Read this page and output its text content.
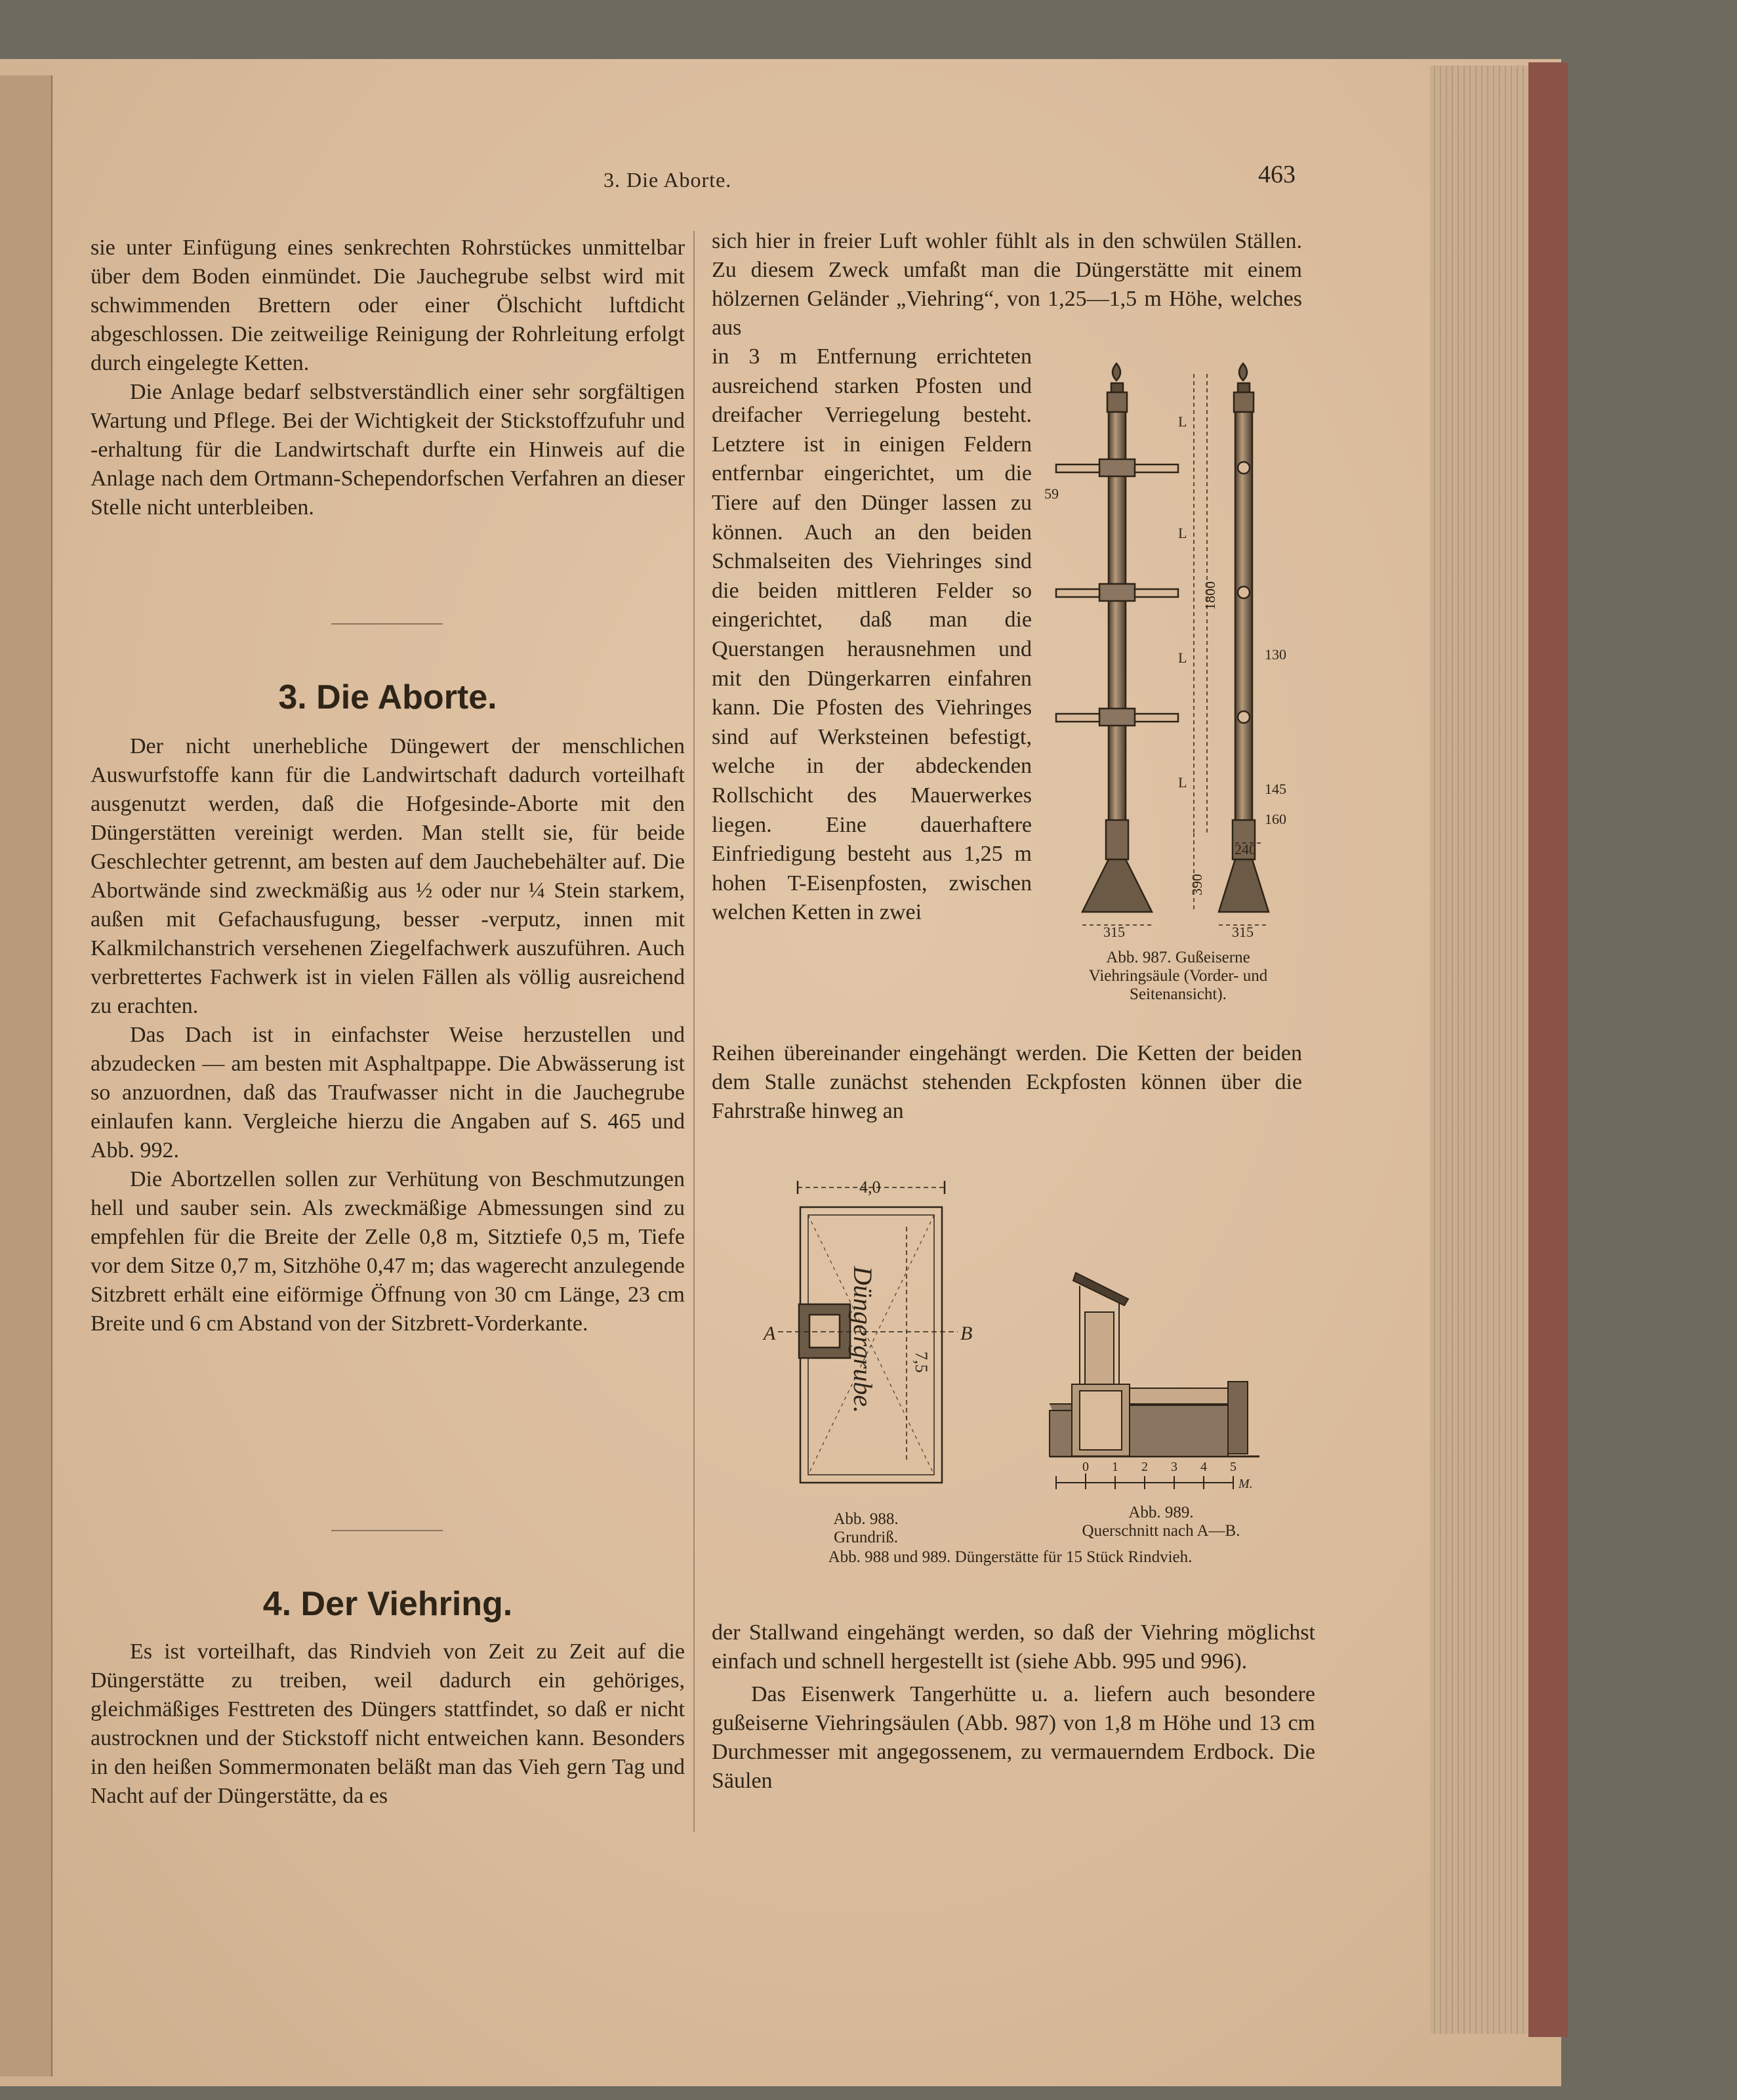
3. Die Aborte.	463

sie unter Einfügung eines senkrechten Rohrstückes unmittelbar über dem Boden einmündet. Die Jauchegrube selbst wird mit schwimmenden Brettern oder einer Ölschicht luftdicht abgeschlossen. Die zeitweilige Reinigung der Rohrleitung erfolgt durch eingelegte Ketten.

Die Anlage bedarf selbstverständlich einer sehr sorgfältigen Wartung und Pflege. Bei der Wichtigkeit der Stickstoffzufuhr und -erhaltung für die Landwirtschaft durfte ein Hinweis auf die Anlage nach dem Ortmann-Schependorfschen Verfahren an dieser Stelle nicht unterbleiben.

3. Die Aborte.

Der nicht unerhebliche Düngewert der menschlichen Auswurfstoffe kann für die Landwirtschaft dadurch vorteilhaft ausgenutzt werden, daß die Hofgesinde-Aborte mit den Düngerstätten vereinigt werden. Man stellt sie, für beide Geschlechter getrennt, am besten auf dem Jauchebehälter auf. Die Abortwände sind zweckmäßig aus ½ oder nur ¼ Stein starkem, außen mit Gefachausfugung, besser -verputz, innen mit Kalkmilchanstrich versehenen Ziegelfachwerk auszuführen. Auch verbrettertes Fachwerk ist in vielen Fällen als völlig ausreichend zu erachten.

Das Dach ist in einfachster Weise herzustellen und abzudecken — am besten mit Asphaltpappe. Die Abwässerung ist so anzuordnen, daß das Traufwasser nicht in die Jauchegrube einlaufen kann. Vergleiche hierzu die Angaben auf S. 465 und Abb. 992.

Die Abortzellen sollen zur Verhütung von Beschmutzungen hell und sauber sein. Als zweckmäßige Abmessungen sind zu empfehlen für die Breite der Zelle 0,8 m, Sitztiefe 0,5 m, Tiefe vor dem Sitze 0,7 m, Sitzhöhe 0,47 m; das wagerecht anzulegende Sitzbrett erhält eine eiförmige Öffnung von 30 cm Länge, 23 cm Breite und 6 cm Abstand von der Sitzbrett-Vorderkante.

4. Der Viehring.

Es ist vorteilhaft, das Rindvieh von Zeit zu Zeit auf die Düngerstätte zu treiben, weil dadurch ein gehöriges, gleichmäßiges Festtreten des Düngers stattfindet, so daß er nicht austrocknen und der Stickstoff nicht entweichen kann. Besonders in den heißen Sommermonaten beläßt man das Vieh gern Tag und Nacht auf der Düngerstätte, da es

sich hier in freier Luft wohler fühlt als in den schwülen Ställen. Zu diesem Zweck umfaßt man die Düngerstätte mit einem hölzernen Geländer „Viehring“, von 1,25—1,5 m Höhe, welches aus

in 3 m Entfernung errichteten ausreichend starken Pfosten und dreifacher Verriegelung besteht. Letztere ist in einigen Feldern entfernbar eingerichtet, um die Tiere auf den Dünger lassen zu können. Auch an den beiden Schmalseiten des Viehringes sind die beiden mittleren Felder so eingerichtet, daß man die Querstangen herausnehmen und mit den Düngerkarren einfahren kann. Die Pfosten des Viehringes sind auf Werksteinen befestigt, welche in der abdeckenden Rollschicht des Mauerwerkes liegen. Eine dauerhaftere Einfriedigung besteht aus 1,25 m hohen T-Eisenpfosten, zwischen welchen Ketten in zwei

Reihen übereinander eingehängt werden. Die Ketten der beiden dem Stalle zunächst stehenden Eckpfosten können über die Fahrstraße hinweg an

59
L
L
L
L
1800
130
145
160
240
390
315	315
Abb. 987. Gußeiserne
Viehringsäule (Vorder- und
Seitenansicht).
4,0
7,5
Düngergrube.
A	B
0 1 2 3 4 5
M.
Abb. 988.
Grundriß.
Abb. 989.
Querschnitt nach A—B.
Abb. 988 und 989. Düngerstätte für 15 Stück Rindvieh.

der Stallwand eingehängt werden, so daß der Viehring möglichst einfach und schnell hergestellt ist (siehe Abb. 995 und 996).

Das Eisenwerk Tangerhütte u. a. liefern auch besondere gußeiserne Viehringsäulen (Abb. 987) von 1,8 m Höhe und 13 cm Durchmesser mit angegossenem, zu vermauerndem Erdbock. Die Säulen
